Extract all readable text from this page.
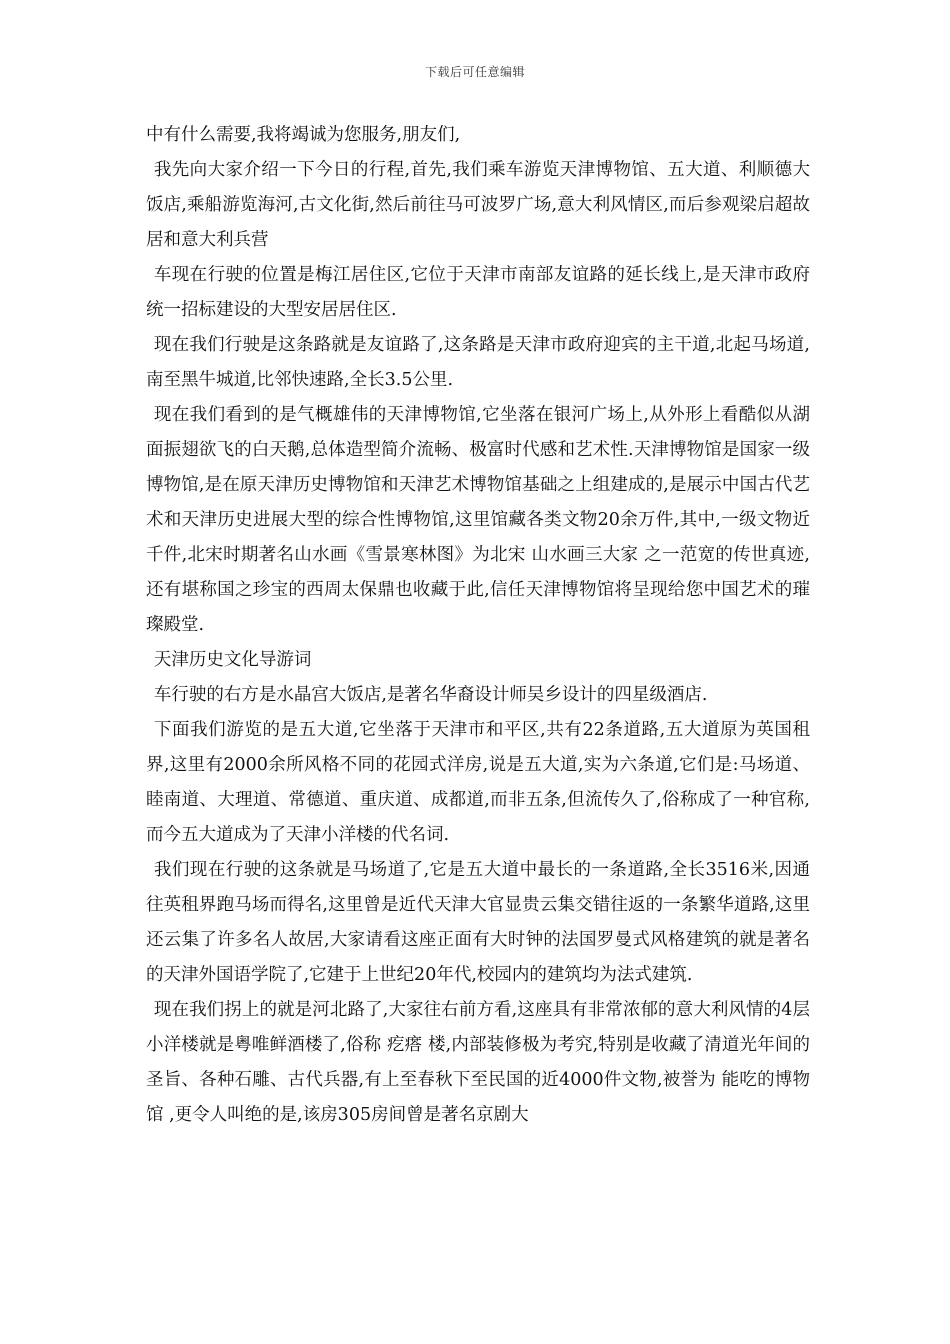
下载后可任意编辑

中有什么需要,我将竭诚为您服务,朋友们,

我先向大家介绍一下今日的行程,首先,我们乘车游览天津博物馆、五大道、利顺德大饭店,乘船游览海河,古文化街,然后前往马可波罗广场,意大利风情区,而后参观梁启超故居和意大利兵营

车现在行驶的位置是梅江居住区,它位于天津市南部友谊路的延长线上,是天津市政府统一招标建设的大型安居居住区.

现在我们行驶是这条路就是友谊路了,这条路是天津市政府迎宾的主干道,北起马场道,南至黑牛城道,比邻快速路,全长3.5公里.

现在我们看到的是气概雄伟的天津博物馆,它坐落在银河广场上,从外形上看酷似从湖面振翅欲飞的白天鹅,总体造型简介流畅、极富时代感和艺术性.天津博物馆是国家一级博物馆,是在原天津历史博物馆和天津艺术博物馆基础之上组建成的,是展示中国古代艺术和天津历史进展大型的综合性博物馆,这里馆藏各类文物20余万件,其中,一级文物近千件,北宋时期著名山水画《雪景寒林图》为北宋 山水画三大家 之一范宽的传世真迹,还有堪称国之珍宝的西周太保鼎也收藏于此,信任天津博物馆将呈现给您中国艺术的璀璨殿堂.

天津历史文化导游词

车行驶的右方是水晶宫大饭店,是著名华裔设计师吴乡设计的四星级酒店.

下面我们游览的是五大道,它坐落于天津市和平区,共有22条道路,五大道原为英国租界,这里有2000余所风格不同的花园式洋房,说是五大道,实为六条道,它们是:马场道、睦南道、大理道、常德道、重庆道、成都道,而非五条,但流传久了,俗称成了一种官称,而今五大道成为了天津小洋楼的代名词.

我们现在行驶的这条就是马场道了,它是五大道中最长的一条道路,全长3516米,因通往英租界跑马场而得名,这里曾是近代天津大官显贵云集交错往返的一条繁华道路,这里还云集了许多名人故居,大家请看这座正面有大时钟的法国罗曼式风格建筑的就是著名的天津外国语学院了,它建于上世纪20年代,校园内的建筑均为法式建筑.

现在我们拐上的就是河北路了,大家往右前方看,这座具有非常浓郁的意大利风情的4层小洋楼就是粤唯鲜酒楼了,俗称 疙瘩 楼,内部装修极为考究,特别是收藏了清道光年间的圣旨、各种石雕、古代兵器,有上至春秋下至民国的近4000件文物,被誉为 能吃的博物馆 ,更令人叫绝的是,该房305房间曾是著名京剧大
